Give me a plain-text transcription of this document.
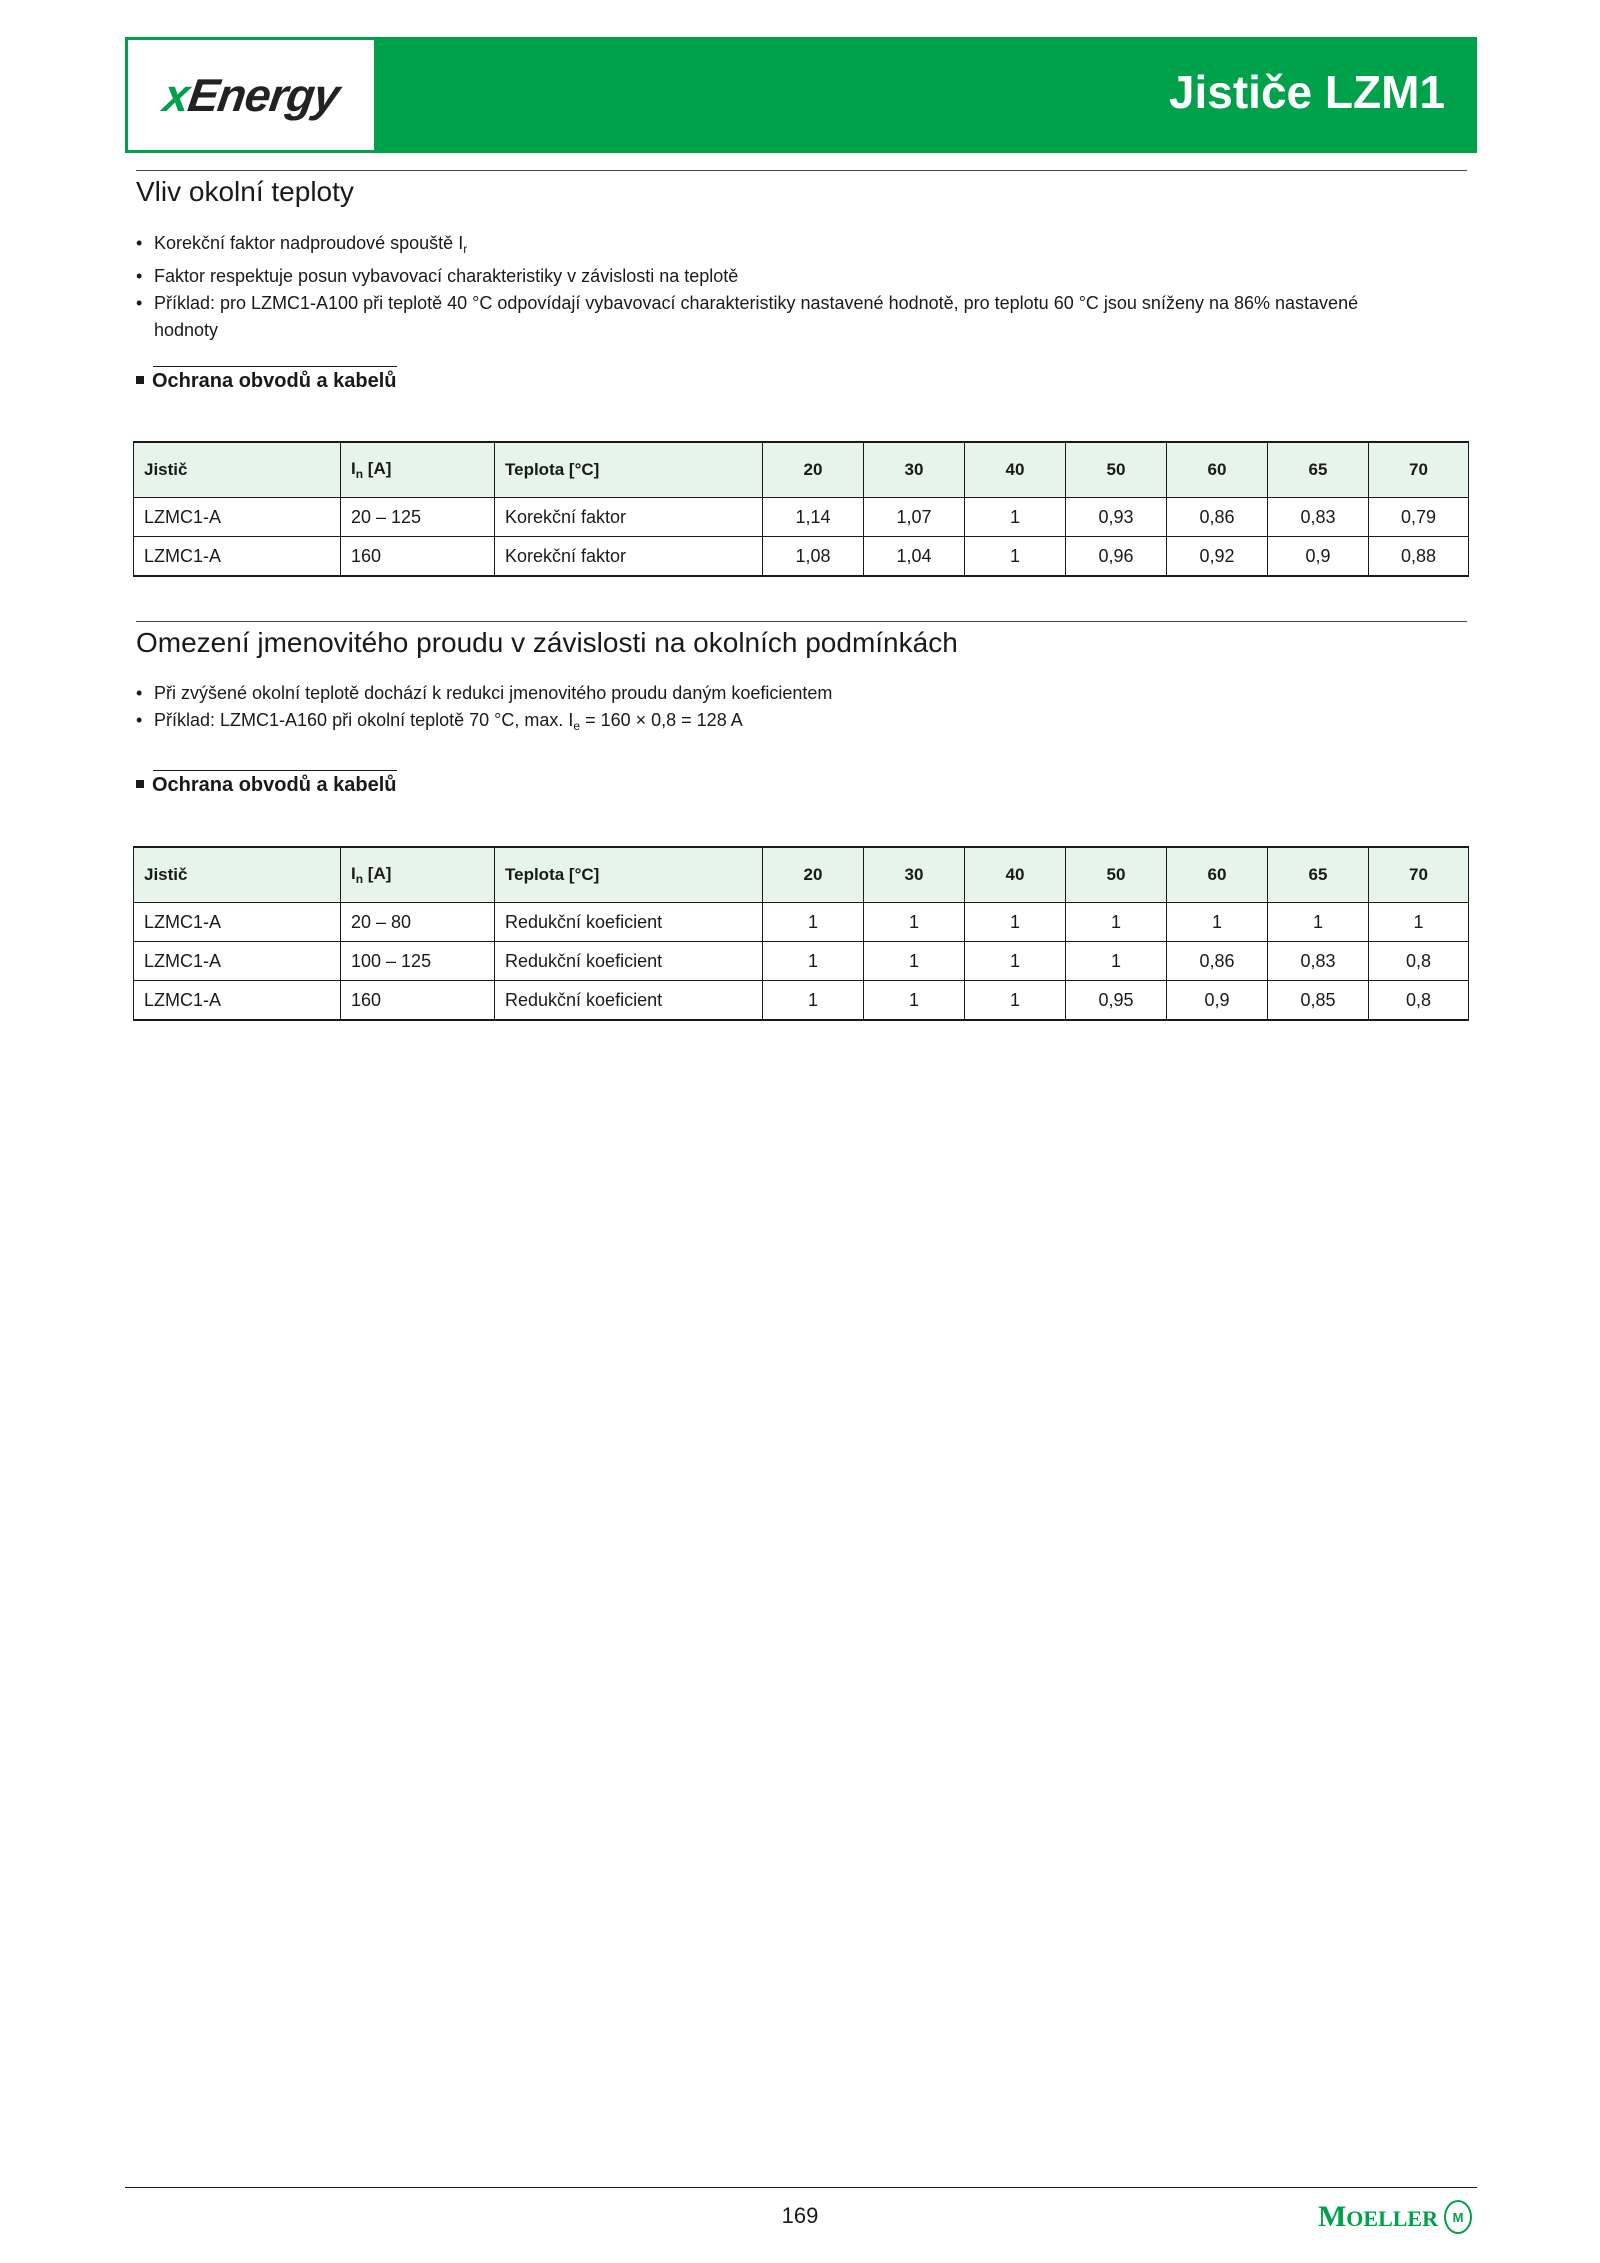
xEnergy	Jističe LZM1
Vliv okolní teploty
• Korekční faktor nadproudové spouště $I_r$
• Faktor respektuje posun vybavovací charakteristiky v závislosti na teplotě
• Příklad: pro LZMC1-A100 při teplotě 40 °C odpovídají vybavovací charakteristiky nastavené hodnotě, pro teplotu 60 °C jsou sníženy na 86% nastavené hodnoty
Ochrana obvodů a kabelů
Jistič	$I_n$ [A]	Teplota [°C]	20	30	40	50	60	65	70
LZMC1-A	20 – 125	Korekční faktor	1,14	1,07	1	0,93	0,86	0,83	0,79
LZMC1-A	160	Korekční faktor	1,08	1,04	1	0,96	0,92	0,9	0,88
Omezení jmenovitého proudu v závislosti na okolních podmínkách
• Při zvýšené okolní teplotě dochází k redukci jmenovitého proudu daným koeficientem
• Příklad: LZMC1-A160 při okolní teplotě 70 °C, max. $I_e = 160 \times 0,8 = 128$ A
Ochrana obvodů a kabelů
Jistič	$I_n$ [A]	Teplota [°C]	20	30	40	50	60	65	70
LZMC1-A	20 – 80	Redukční koeficient	1	1	1	1	1	1	1
LZMC1-A	100 – 125	Redukční koeficient	1	1	1	1	0,86	0,83	0,8
LZMC1-A	160	Redukční koeficient	1	1	1	0,95	0,9	0,85	0,8
169	MOELLER	M
